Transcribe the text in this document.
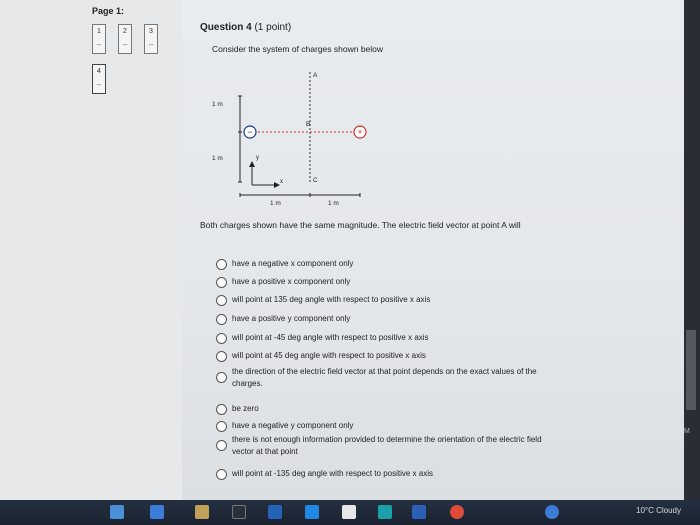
Page 1:
1
--
2
--
3
--
4
--
Question 4 (1 point)
Consider the system of charges shown below
−	+
A
B
C
y
x
1 m
1 m
1 m	1 m
Both charges shown have the same magnitude. The electric field vector at point A will
have a negative x component only
have a positive x component only
will point at 135 deg angle with respect to positive x axis
have a positive y component only
will point at -45 deg angle with respect to positive x axis
will point at 45 deg angle with respect to positive x axis
the direction of the electric field vector at that point depends on the exact values of the charges.
be zero
have a negative y component only
there is not enough information provided to determine the orientation of the electric field vector at that point
will point at -135 deg angle with respect to positive x axis
M
10°C Cloudy
